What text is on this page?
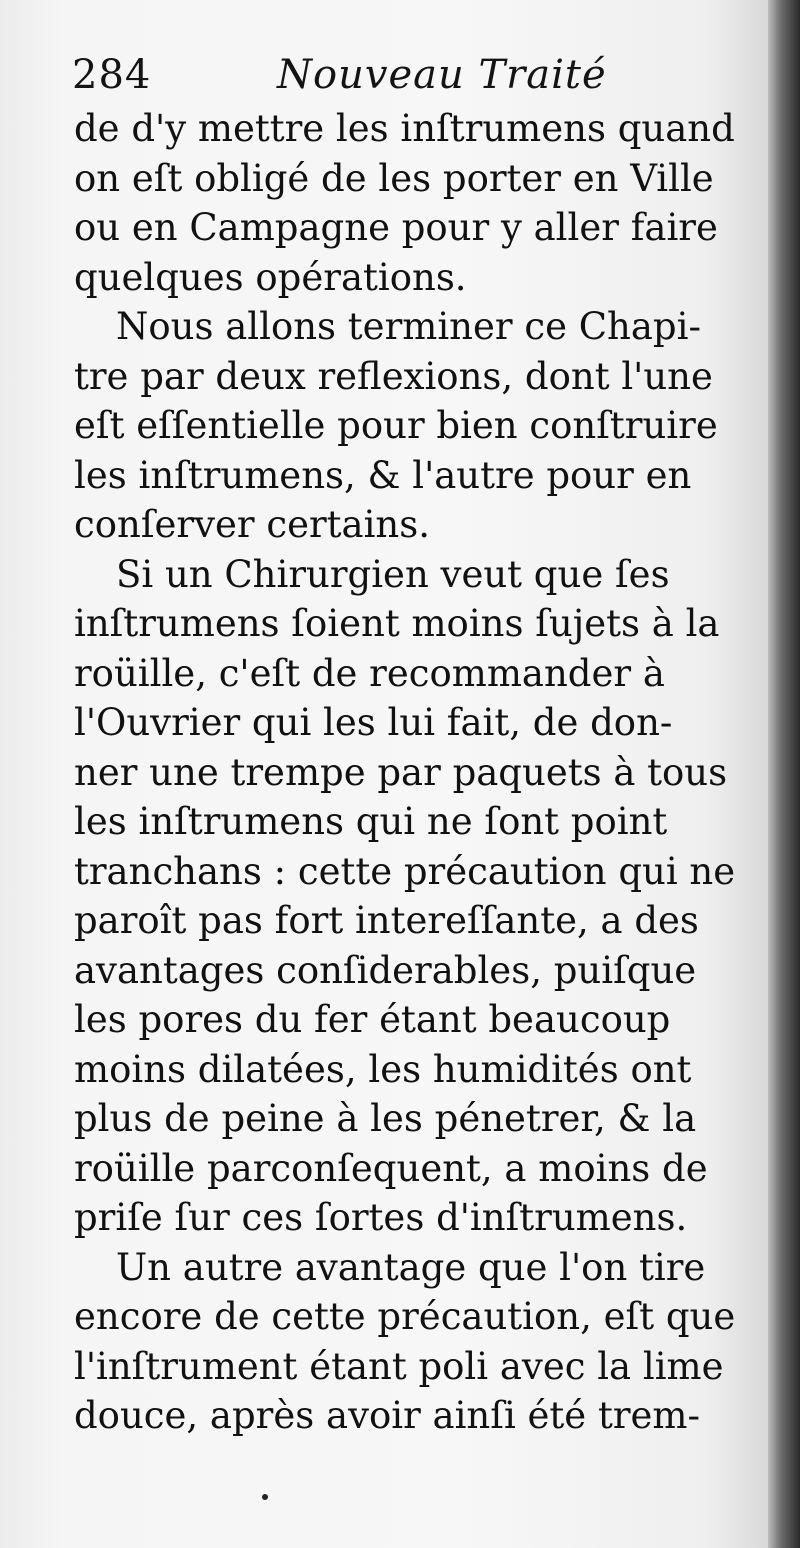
284	Nouveau Traité
de d'y mettre les inſtrumens quand
on eſt obligé de les porter en Ville
ou en Campagne pour y aller faire
quelques opérations.
Nous allons terminer ce Chapi-
tre par deux reflexions, dont l'une
eſt eſſentielle pour bien conſtruire
les inſtrumens, & l'autre pour en
conſerver certains.
Si un Chirurgien veut que ſes
inſtrumens ſoient moins ſujets à la
roüille, c'eſt de recommander à
l'Ouvrier qui les lui fait, de don-
ner une trempe par paquets à tous
les inſtrumens qui ne ſont point
tranchans : cette précaution qui ne
paroît pas fort intereſſante, a des
avantages conſiderables, puiſque
les pores du fer étant beaucoup
moins dilatées, les humidités ont
plus de peine à les pénetrer, & la
roüille parconſequent, a moins de
priſe ſur ces ſortes d'inſtrumens.
Un autre avantage que l'on tire
encore de cette précaution, eſt que
l'inſtrument étant poli avec la lime
douce, après avoir ainſi été trem-
